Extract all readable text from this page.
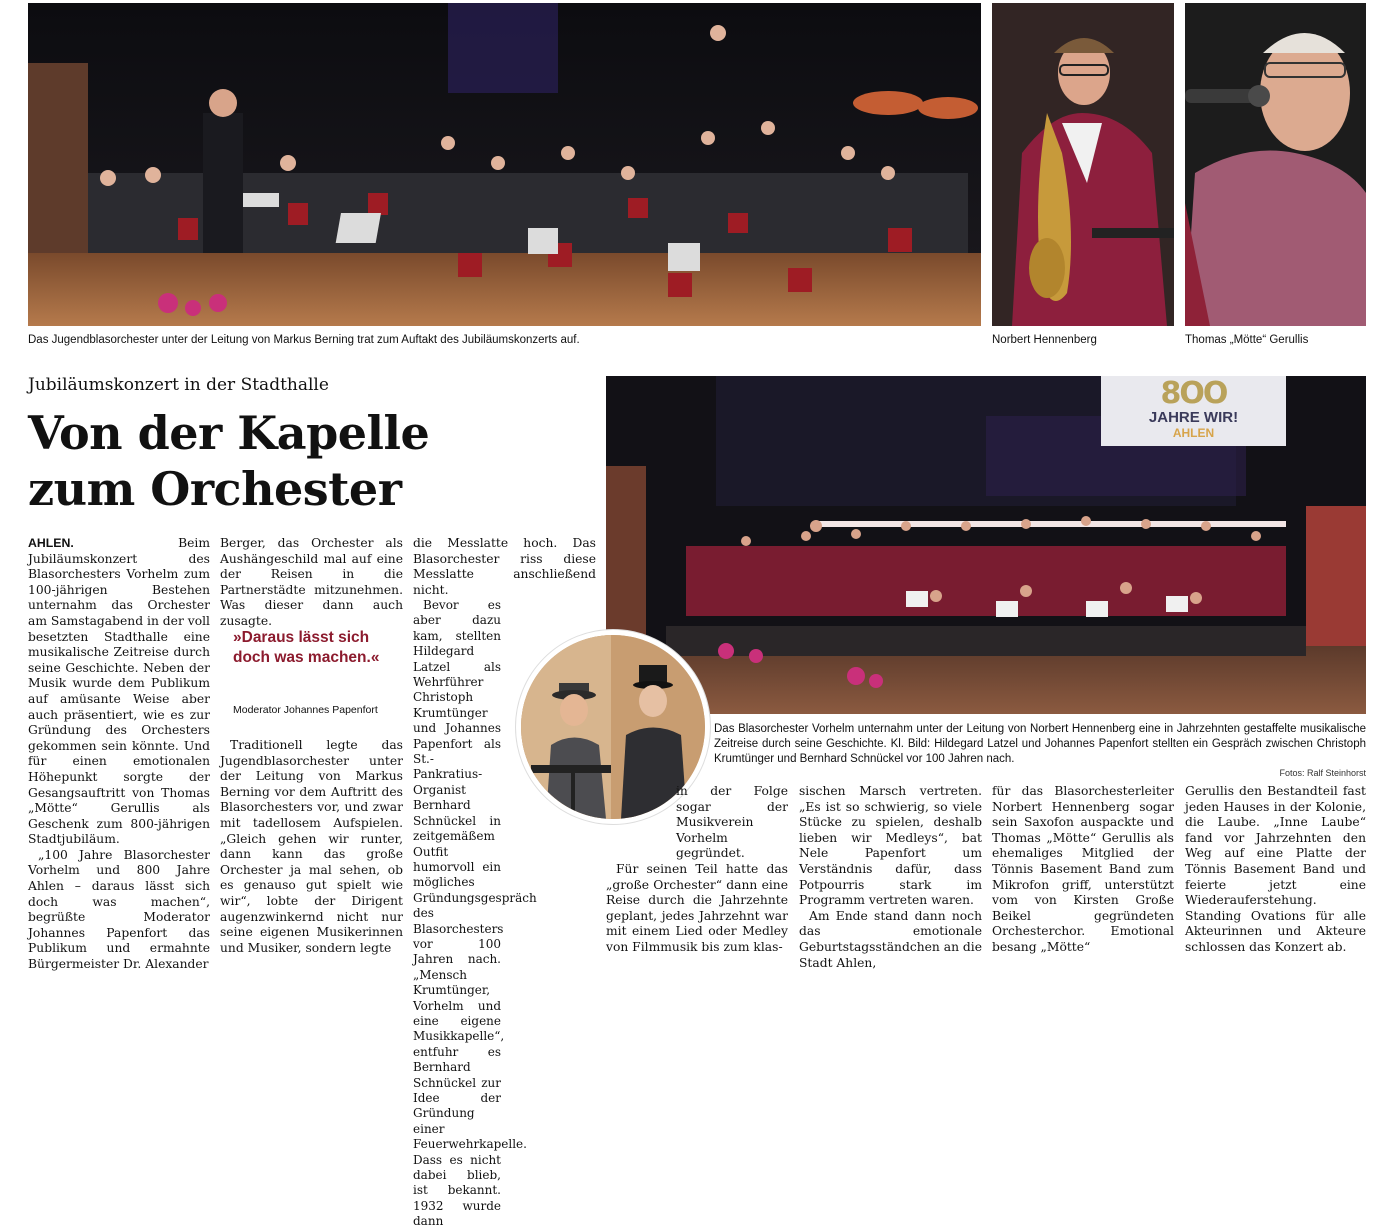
Das Jugendblasorchester unter der Leitung von Markus Berning trat zum Auftakt des Jubiläumskonzerts auf.	Norbert Hennenberg	Thomas „Mötte“ Gerullis
8OO
JAHRE WIR!
AHLEN
Das Blasorchester Vorhelm unternahm unter der Leitung von Norbert Hennenberg eine in Jahrzehnten gestaffelte musikalische Zeitreise durch seine Geschichte. Kl. Bild: Hildegard Latzel und Johannes Papenfort stellten ein Gespräch zwischen Christoph Krumtünger und Bernhard Schnückel vor 100 Jahren nach.
Fotos: Ralf Steinhorst
Jubiläumskonzert in der Stadthalle
Von der Kapelle
zum Orchester

AHLEN.	Beim Jubiläumskonzert des Blasorchesters Vorhelm zum 100-jährigen Bestehen unternahm das Orchester am Samstagabend in der voll besetzten Stadthalle eine musikalische Zeitreise durch seine Geschichte. Neben der Musik wurde dem Publikum auf amüsante Weise aber auch präsentiert, wie es zur Gründung des Orchesters gekommen sein könnte. Und für einen emotionalen Höhepunkt sorgte der Gesangsauftritt von Thomas „Mötte“ Gerullis als Geschenk zum 800-jährigen Stadtjubiläum.

„100 Jahre Blasorchester Vorhelm und 800 Jahre Ahlen – daraus lässt sich doch was machen“, begrüßte Moderator Johannes Papenfort das Publikum und ermahnte Bürgermeister Dr. Alexander

Berger, das Orchester als Aushängeschild mal auf eine der Reisen in die Partnerstädte mitzunehmen. Was dieser dann auch zusagte.

»Daraus lässt sich doch was machen.«
Moderator Johannes Papenfort

Traditionell legte das Jugendblasorchester unter der Leitung von Markus Berning vor dem Auftritt des Blasorchesters vor, und zwar mit tadellosem Aufspielen. „Gleich gehen wir runter, dann kann das große Orchester ja mal sehen, ob es genauso gut spielt wie wir“, lobte der Dirigent augenzwinkernd nicht nur seine eigenen Musikerinnen und Musiker, sondern legte

die Messlatte hoch. Das Blasorchester riss diese Messlatte anschließend nicht.

Bevor es aber dazu kam, stellten Hildegard Latzel als Wehrführer Christoph Krumtünger und Johannes Papenfort als St.-Pankratius-Organist Bernhard Schnückel in zeitgemäßem Outfit humorvoll ein mögliches Gründungsgespräch des Blasorchesters vor 100 Jahren nach. „Mensch Krumtünger, Vorhelm und eine eigene Musikkapelle“, entfuhr es Bernhard Schnückel zur Idee der Gründung einer Feuerwehrkapelle. Dass es nicht dabei blieb, ist bekannt. 1932 wurde dann

in der Folge sogar der Musikverein Vorhelm gegründet.

Für seinen Teil hatte das „große Orchester“ dann eine Reise durch die Jahrzehnte geplant, jedes Jahrzehnt war mit einem Lied oder Medley von Filmmusik bis zum klas-

sischen Marsch vertreten. „Es ist so schwierig, so viele Stücke zu spielen, deshalb lieben wir Medleys“, bat Nele Papenfort um Verständnis dafür, dass Potpourris stark im Programm vertreten waren.

Am Ende stand dann noch das emotionale Geburtstagsständchen an die Stadt Ahlen,

für das Blasorchesterleiter Norbert Hennenberg sogar sein Saxofon auspackte und Thomas „Mötte“ Gerullis als ehemaliges Mitglied der Tönnis Basement Band zum Mikrofon griff, unterstützt vom von Kirsten Große Beikel gegründeten Orchesterchor. Emotional besang „Mötte“

Gerullis den Bestandteil fast jeden Hauses in der Kolonie, die Laube. „Inne Laube“ fand vor Jahrzehnten den Weg auf eine Platte der Tönnis Basement Band und feierte jetzt eine Wiederauferstehung. Standing Ovations für alle Akteurinnen und Akteure schlossen das Konzert ab.
